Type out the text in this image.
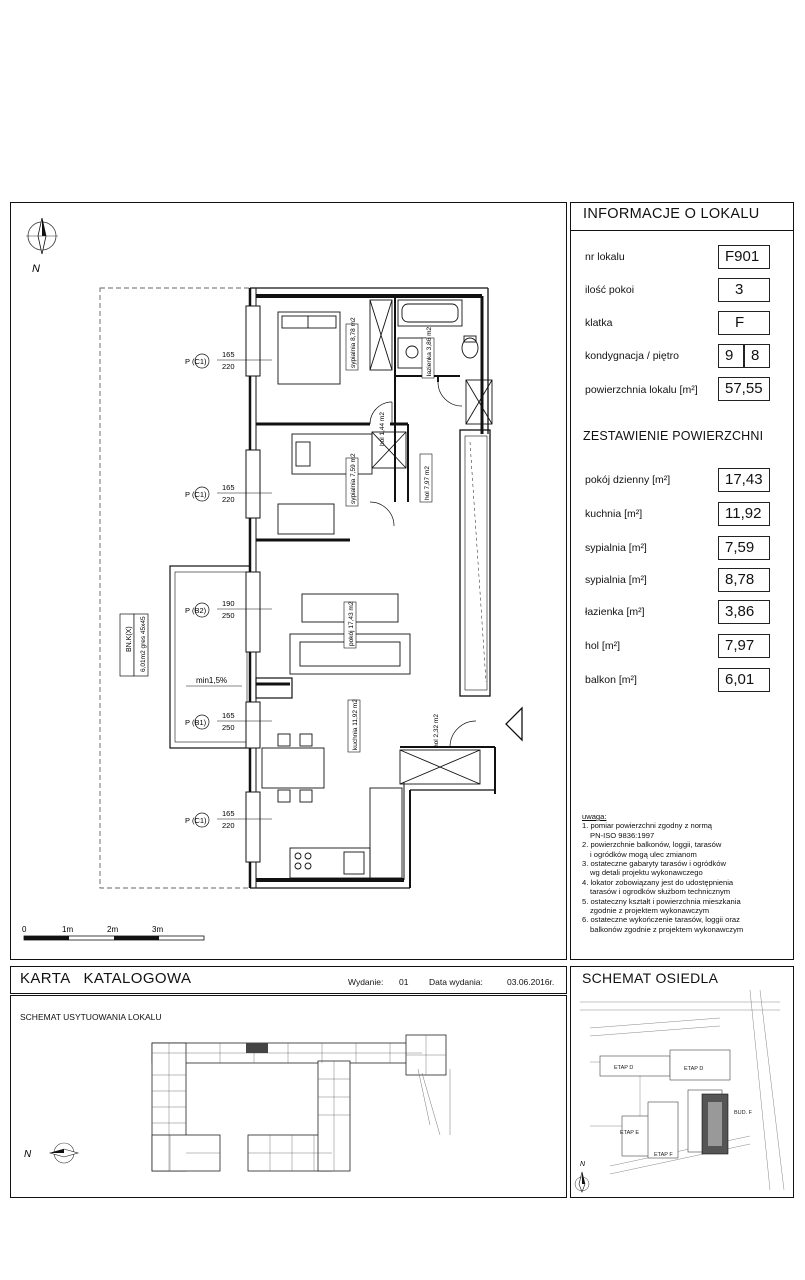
INFORMACJE O LOKALU
nr lokalu	F901
ilość pokoi	3
klatka	F
kondygnacja / piętro	9	8
powierzchnia lokalu [m²]	57,55
ZESTAWIENIE POWIERZCHNI
pokój dzienny [m²]	17,43
kuchnia [m²]	11,92
sypialnia [m²]	7,59
sypialnia [m²]	8,78
łazienka [m²]	3,86
hol [m²]	7,97
balkon [m²]	6,01
uwaga:
1. pomiar powierzchni zgodny z normą
PN-ISO 9836:1997
2. powierzchnie balkonów, loggii, tarasów
i ogródków mogą ulec zmianom
3. ostateczne gabaryty tarasów i ogródków
wg detali projektu wykonawczego
4. lokator zobowiązany jest do udostępnienia
tarasów i ogrodków służbom technicznym
5. ostateczny kształt i powierzchnia mieszkania
zgodnie z projektem wykonawczym
6. ostateczne wykończenie tarasów, loggii oraz
balkonów zgodnie z projektem wykonawczym
N
BN.K(X) 6,01m2 gres 45x45
min1,5%
P (C1)
165
220
P (C1)
165
220
P (B2)
190
250
P (B1)
165
250
P (C1)
165
220
sypialnia 8,78 m2
sypialnia 7,59 m2
pokój 17,43 m2
kuchnia 11,92 m2
łazienka 3,86 m2
hol 7,97 m2
hol 1,44 m2
hol 2,32 m2
0	1m	2m	3m
KARTA   KATALOGOWA	Wydanie: 01 Data wydania:	03.06.2016r.
SCHEMAT USYTUOWANIA LOKALU
N
SCHEMAT OSIEDLA
ETAP D	ETAP D
ETAP E
ETAP F
BUD. F
N
